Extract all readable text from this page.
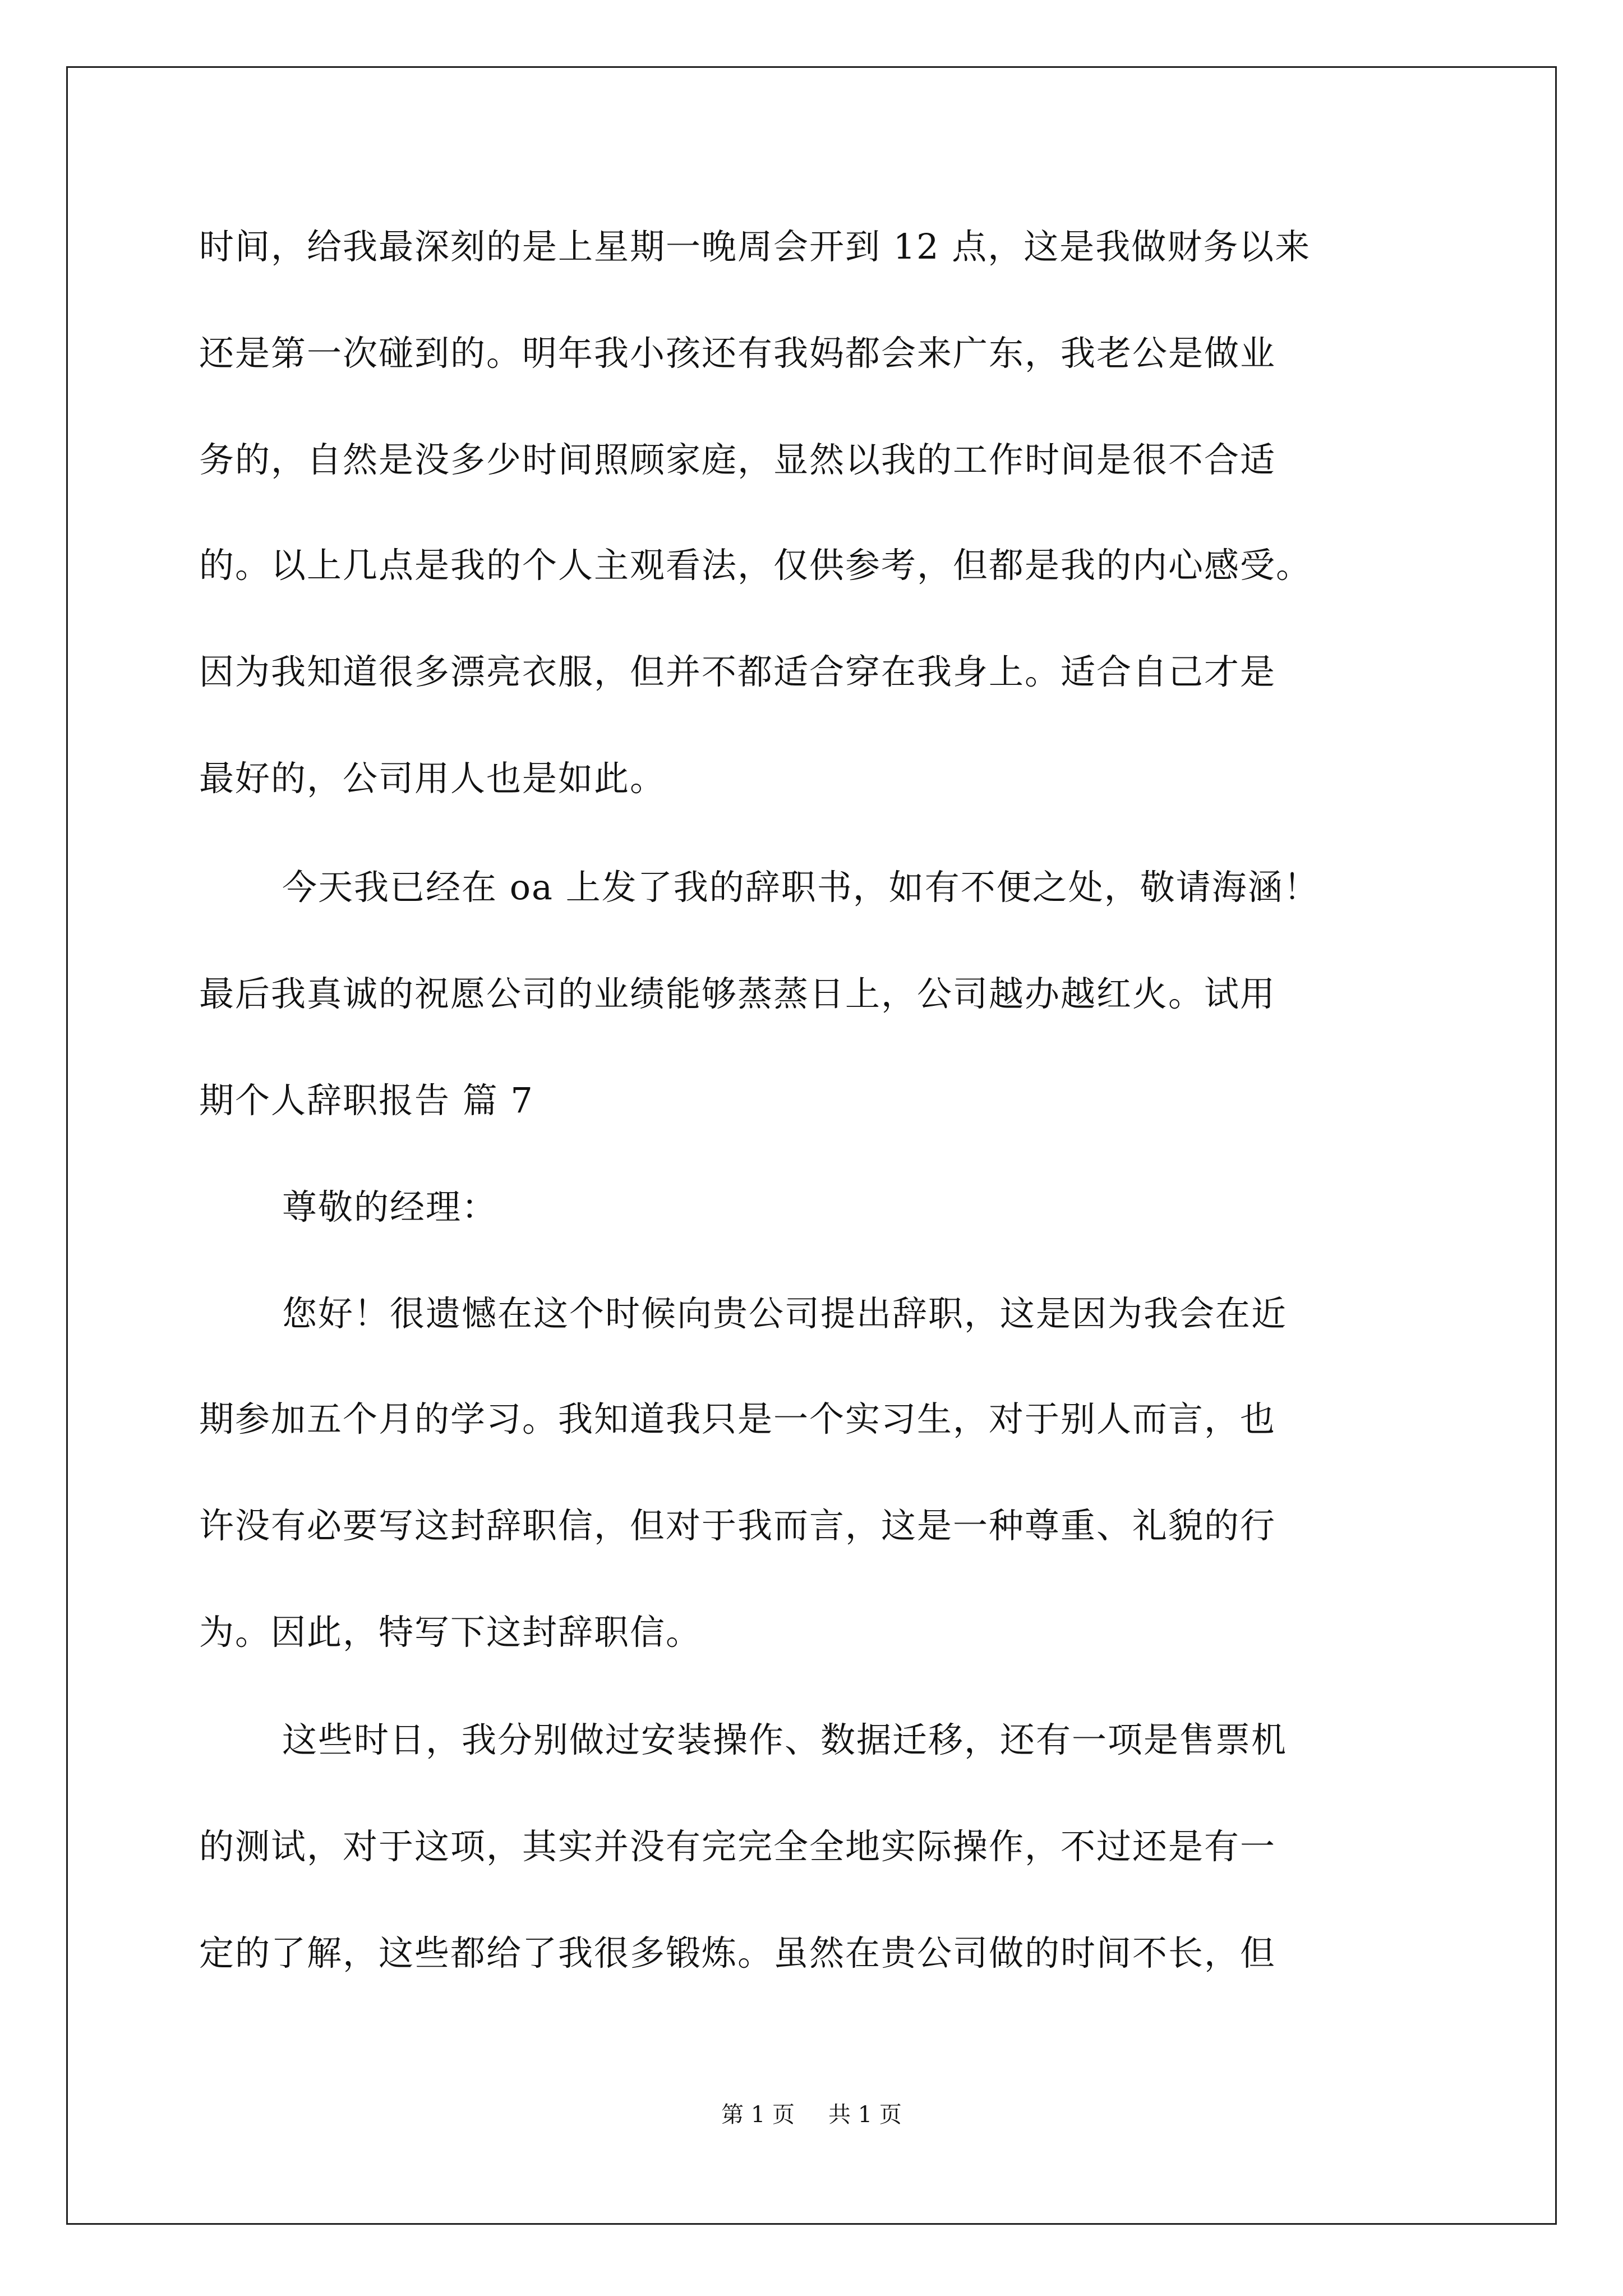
时间，给我最深刻的是上星期一晚周会开到 12 点，这是我做财务以来
还是第一次碰到的。明年我小孩还有我妈都会来广东，我老公是做业
务的，自然是没多少时间照顾家庭，显然以我的工作时间是很不合适
的。以上几点是我的个人主观看法，仅供参考，但都是我的内心感受。
因为我知道很多漂亮衣服，但并不都适合穿在我身上。适合自己才是
最好的，公司用人也是如此。
今天我已经在 oa 上发了我的辞职书，如有不便之处，敬请海涵！
最后我真诚的祝愿公司的业绩能够蒸蒸日上，公司越办越红火。试用
期个人辞职报告 篇 7
尊敬的经理：
您好！很遗憾在这个时候向贵公司提出辞职，这是因为我会在近
期参加五个月的学习。我知道我只是一个实习生，对于别人而言，也
许没有必要写这封辞职信，但对于我而言，这是一种尊重、礼貌的行
为。因此，特写下这封辞职信。
这些时日，我分别做过安装操作、数据迁移，还有一项是售票机
的测试，对于这项，其实并没有完完全全地实际操作，不过还是有一
定的了解，这些都给了我很多锻炼。虽然在贵公司做的时间不长，但
第 1 页 共 1 页
